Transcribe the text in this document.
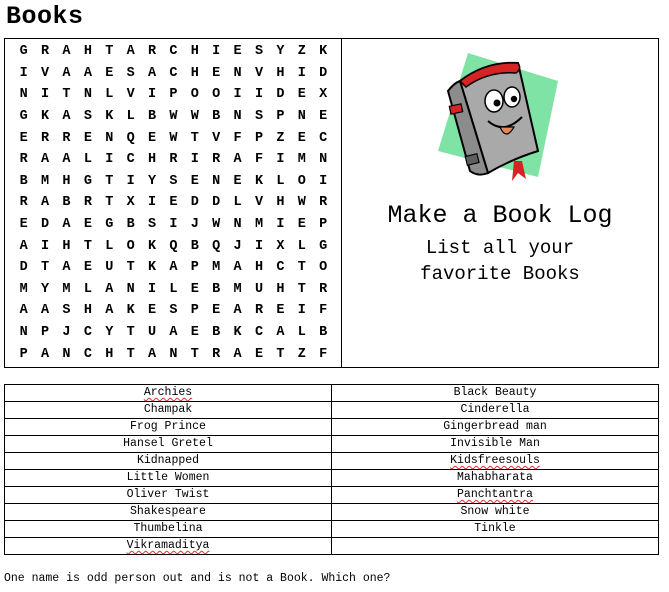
Books
G R A H T A R C H I E S Y Z K
I V A A E S A C H E N V H I D
N I T N L V I P O O I I D E X
G K A S K L B W W B N S P N E
E R R E N Q E W T V F P Z E C
R A A L I C H R I R A F I M N
B M H G T I Y S E N E K L O I
R A B R T X I E D D L V H W R
E D A E G B S I J W N M I E P
A I H T L O K Q B Q J I X L G
D T A E U T K A P M A H C T O
M Y M L A N I L E B M U H T R
A A S H A K E S P E A R E I F
N P J C Y T U A E B K C A L B
P A N C H T A N T R A E T Z F
Make a Book Log
List all your
favorite Books
Archies	Black Beauty
Champak	Cinderella
Frog Prince	Gingerbread man
Hansel Gretel	Invisible Man
Kidnapped	Kidsfreesouls
Little Women	Mahabharata
Oliver Twist	Panchtantra
Shakespeare	Snow white
Thumbelina	Tinkle
Vikramaditya	
One name is odd person out and is not a Book. Which one?
